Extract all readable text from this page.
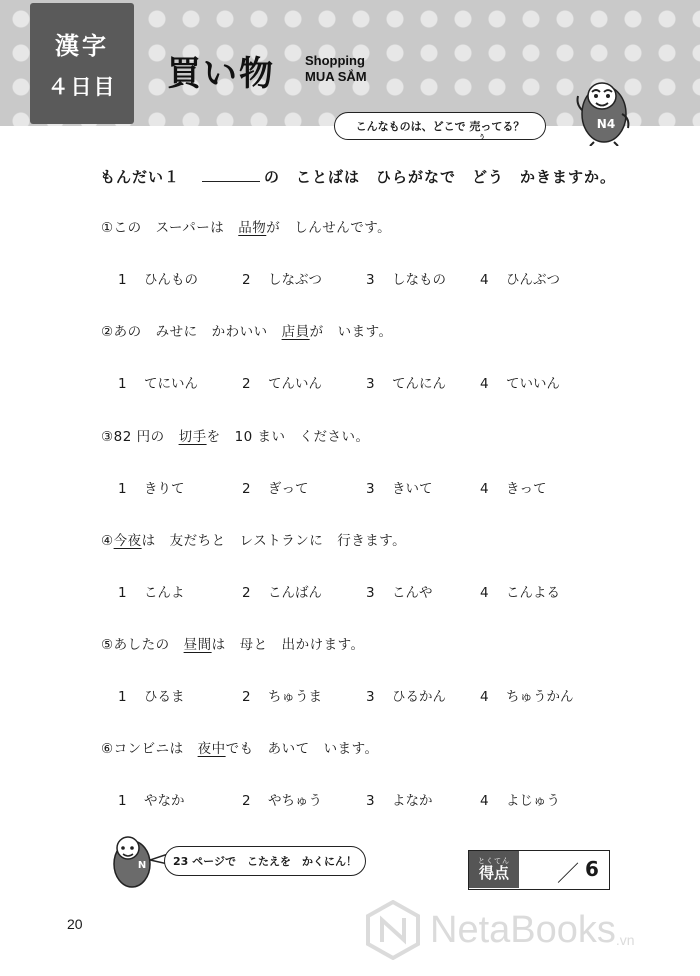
漢字
４日目 買い物 Shopping
MUA SẮM
N4
こんなものは、どこで 売ってる？
う
もんだい１	の　ことばは　ひらがなで　どう　かきますか。
①この　スーパーは　品物が　しんせんです。
1 ひんもの	2 しなぶつ	3 しなもの	4 ひんぶつ
②あの　みせに　かわいい　店員が　います。
1 てにいん	2 てんいん	3 てんにん	4 ていいん
③82 円の　切手を　10 まい　ください。
1 きりて	2 ぎって	3 きいて	4 きって
④今夜は　友だちと　レストランに　行きます。
1 こんよ	2 こんばん	3 こんや	4 こんよる
⑤あしたの　昼間は　母と　出かけます。
1 ひるま	2 ちゅうま	3 ひるかん	4 ちゅうかん
⑥コンビニは　夜中でも　あいて　います。
1 やなか	2 やちゅう	3 よなか	4 よじゅう
N 23 ページで　こたえを　かくにん！	とくてん
得点 ／ 6
20	NetaBooks .vn
